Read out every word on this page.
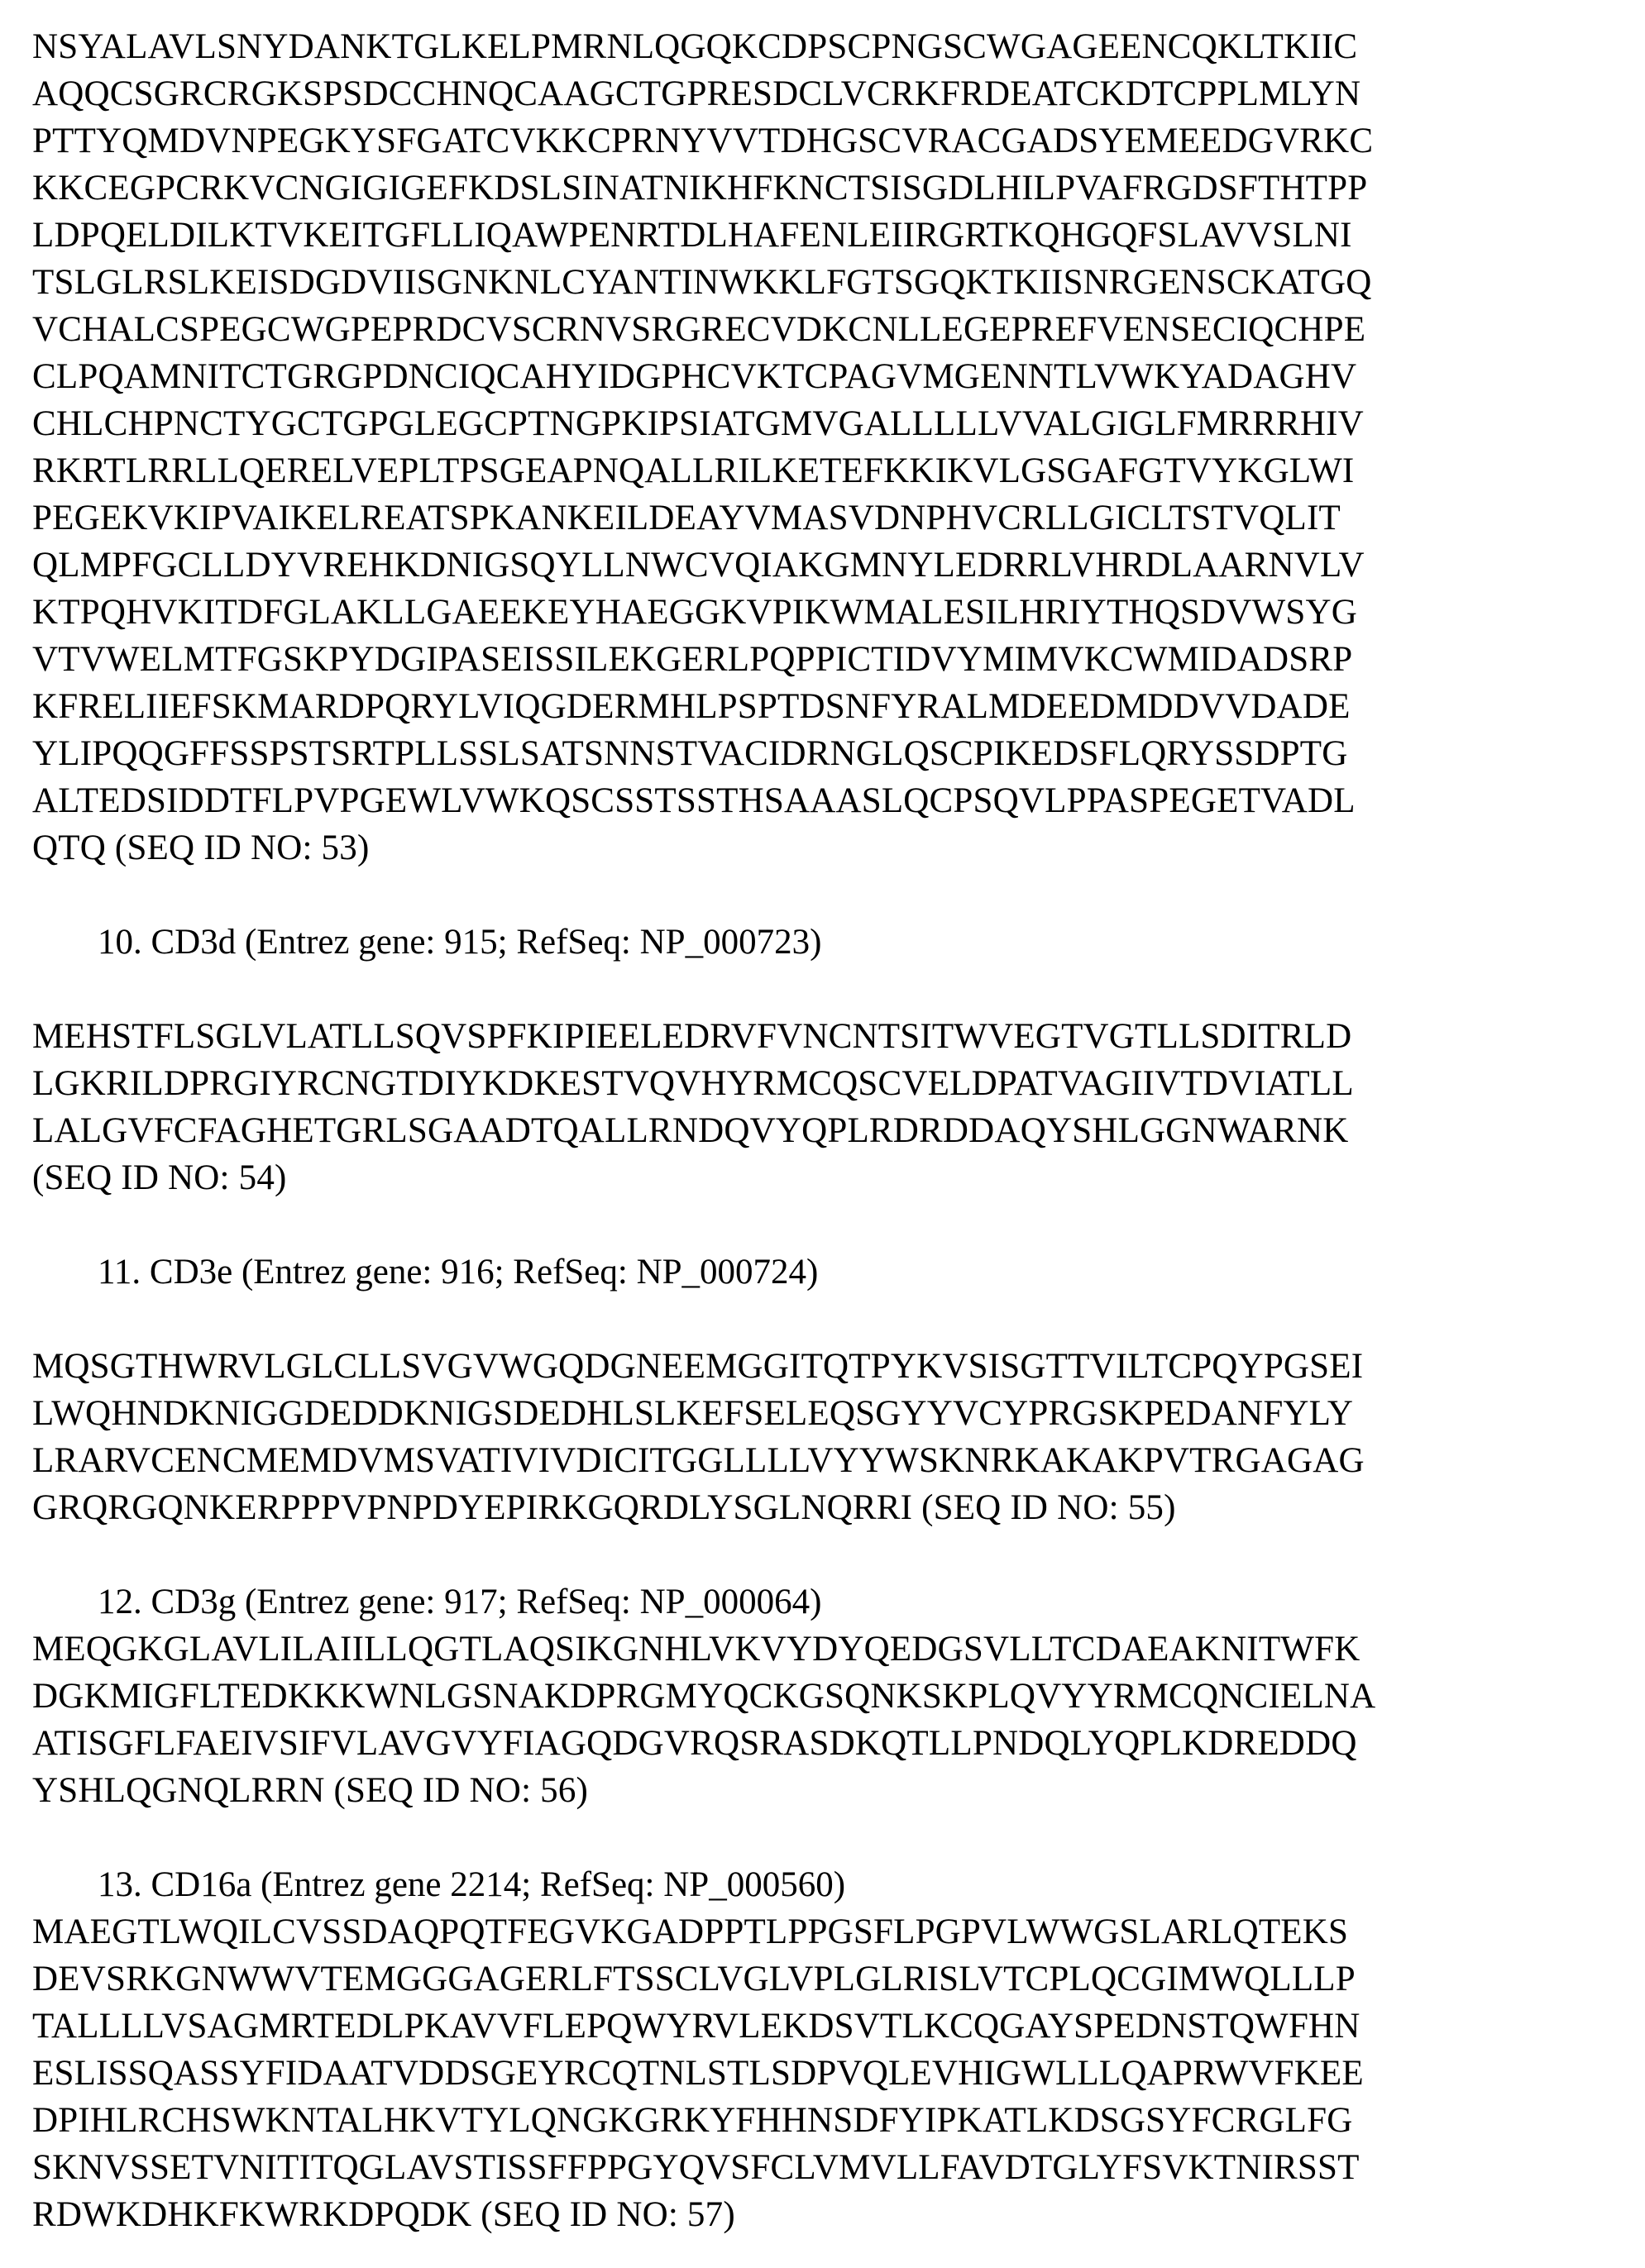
NSYALAVLSNYDANKTGLKELPMRNLQGQKCDPSCPNGSCWGAGEENCQKLTKIIC
AQQCSGRCRGKSPSDCCHNQCAAGCTGPRESDCLVCRKFRDEATCKDTCPPLMLYN
PTTYQMDVNPEGKYSFGATCVKKCPRNYVVTDHGSCVRACGADSYEMEEDGVRKC
KKCEGPCRKVCNGIGIGEFKDSLSINATNIKHFKNCTSISGDLHILPVAFRGDSFTHTPP
LDPQELDILKTVKEITGFLLIQAWPENRTDLHAFENLEIIRGRTKQHGQFSLAVVSLNI
TSLGLRSLKEISDGDVIISGNKNLCYANTINWKKLFGTSGQKTKIISNRGENSCKATGQ
VCHALCSPEGCWGPEPRDCVSCRNVSRGRECVDKCNLLEGEPREFVENSECIQCHPE
CLPQAMNITCTGRGPDNCIQCAHYIDGPHCVKTCPAGVMGENNTLVWKYADAGHV
CHLCHPNCTYGCTGPGLEGCPTNGPKIPSIATGMVGALLLLLVVALGIGLFMRRRHIV
RKRTLRRLLQERELVEPLTPSGEAPNQALLRILKETEFKKIKVLGSGAFGTVYKGLWI
PEGEKVKIPVAIKELREATSPKANKEILDEAYVMASVDNPHVCRLLGICLTSTVQLIT
QLMPFGCLLDYVREHKDNIGSQYLLNWCVQIAKGMNYLEDRRLVHRDLAARNVLV
KTPQHVKITDFGLAKLLGAEEKEYHAEGGKVPIKWMALESILHRIYTHQSDVWSYG
VTVWELMTFGSKPYDGIPASEISSILEKGERLPQPPICTIDVYMIMVKCWMIDADSRP
KFRELIIEFSKMARDPQRYLVIQGDERMHLPSPTDSNFYRALMDEEDMDDVVDADE
YLIPQQGFFSSPSTSRTPLLSSLSATSNNSTVACIDRNGLQSCPIKEDSFLQRYSSDPTG
ALTEDSIDDTFLPVPGEWLVWKQSCSSTSSTHSAAASLQCPSQVLPPASPEGETVADL
QTQ (SEQ ID NO: 53)
10. CD3d (Entrez gene: 915; RefSeq: NP_000723)
MEHSTFLSGLVLATLLSQVSPFKIPIEELEDRVFVNCNTSITWVEGTVGTLLSDITRLD
LGKRILDPRGIYRCNGTDIYKDKESTVQVHYRMCQSCVELDPATVAGIIVTDVIATLL
LALGVFCFAGHETGRLSGAADTQALLRNDQVYQPLRDRDDAQYSHLGGNWARNK
(SEQ ID NO: 54)
11. CD3e (Entrez gene: 916; RefSeq: NP_000724)
MQSGTHWRVLGLCLLSVGVWGQDGNEEMGGITQTPYKVSISGTTVILTCPQYPGSEI
LWQHNDKNIGGDEDDKNIGSDEDHLSLKEFSELEQSGYYVCYPRGSKPEDANFYLY
LRARVCENCMEMDVMSVATIVIVDICITGGLLLLVYYWSKNRKAKAKPVTRGAGAG
GRQRGQNKERPPPVPNPDYEPIRKGQRDLYSGLNQRRI (SEQ ID NO: 55)
12. CD3g (Entrez gene: 917; RefSeq: NP_000064)
MEQGKGLAVLILAIILLQGTLAQSIKGNHLVKVYDYQEDGSVLLTCDAEAKNITWFK
DGKMIGFLTEDKKKWNLGSNAKDPRGMYQCKGSQNKSKPLQVYYRMCQNCIELNA
ATISGFLFAEIVSIFVLAVGVYFIAGQDGVRQSRASDKQTLLPNDQLYQPLKDREDDQ
YSHLQGNQLRRN (SEQ ID NO: 56)
13. CD16a (Entrez gene 2214; RefSeq: NP_000560)
MAEGTLWQILCVSSDAQPQTFEGVKGADPPTLPPGSFLPGPVLWWGSLARLQTEKS
DEVSRKGNWWVTEMGGGAGERLFTSSCLVGLVPLGLRISLVTCPLQCGIMWQLLLP
TALLLLVSAGMRTEDLPKAVVFLEPQWYRVLEKDSVTLKCQGAYSPEDNSTQWFHN
ESLISSQASSYFIDAATVDDSGEYRCQTNLSTLSDPVQLEVHIGWLLLQAPRWVFKEE
DPIHLRCHSWKNTALHKVTYLQNGKGRKYFHHNSDFYIPKATLKDSGSYFCRGLFG
SKNVSSETVNITITQGLAVSTISSFFPPGYQVSFCLVMVLLFAVDTGLYFSVKTNIRSST
RDWKDHKFKWRKDPQDK (SEQ ID NO: 57)
